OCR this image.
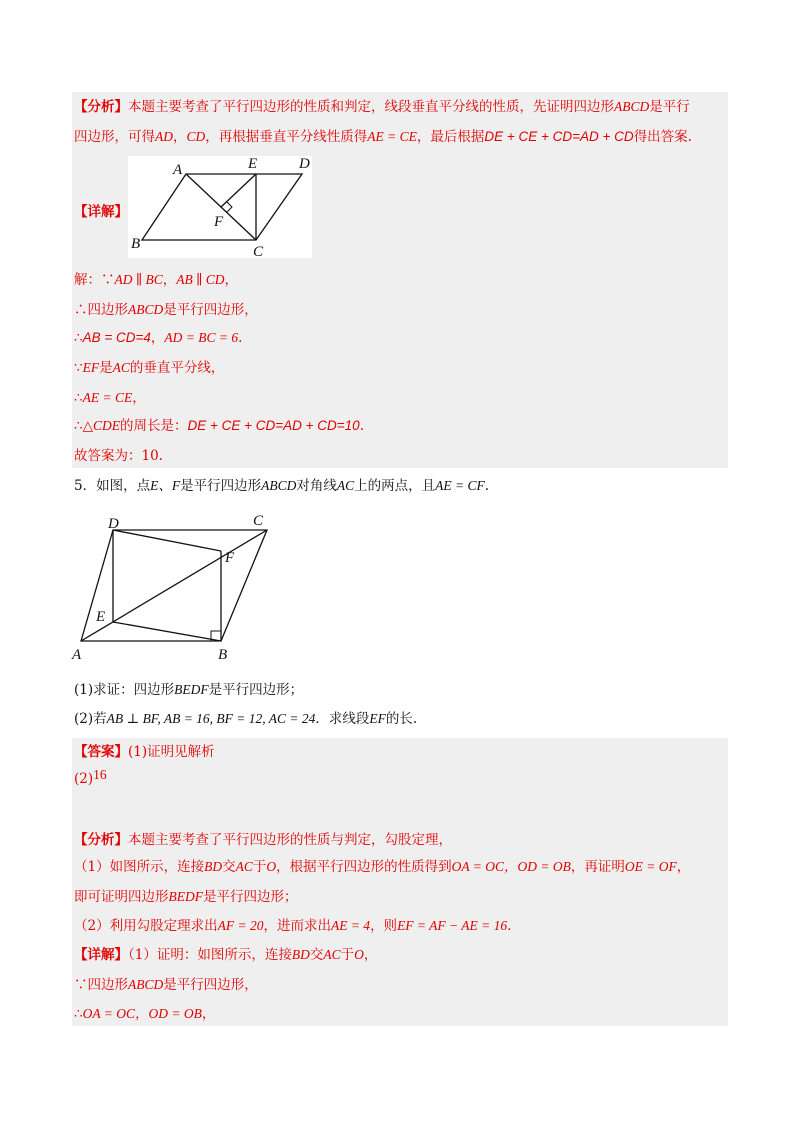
【分析】本题主要考查了平行四边形的性质和判定，线段垂直平分线的性质，先证明四边形ABCD是平行
四边形，可得AD，CD，再根据垂直平分线性质得AE = CE，最后根据DE + CE + CD=AD + CD得出答案.
A	E	D
F
B	C
【详解】
解：∵AD ∥ BC，AB ∥ CD，
∴四边形ABCD是平行四边形，
∴AB = CD=4，AD = BC = 6.
∵EF是AC的垂直平分线，
∴AE = CE，
∴△CDE的周长是：DE + CE + CD=AD + CD=10.
故答案为：10.
5．如图，点E、F是平行四边形ABCD对角线AC上的两点，且AE = CF.
D	C
F
E
A	B
(1)求证：四边形BEDF是平行四边形；
(2)若AB ⊥ BF, AB = 16, BF = 12, AC = 24．求线段EF的长.
【答案】(1)证明见解析
(2)16
【分析】本题主要考查了平行四边形的性质与判定，勾股定理，
（1）如图所示，连接BD交AC于O，根据平行四边形的性质得到OA = OC，OD = OB，再证明OE = OF，
即可证明四边形BEDF是平行四边形；
（2）利用勾股定理求出AF = 20，进而求出AE = 4，则EF = AF − AE = 16.
【详解】（1）证明：如图所示，连接BD交AC于O，
∵四边形ABCD是平行四边形，
∴OA = OC，OD = OB，
